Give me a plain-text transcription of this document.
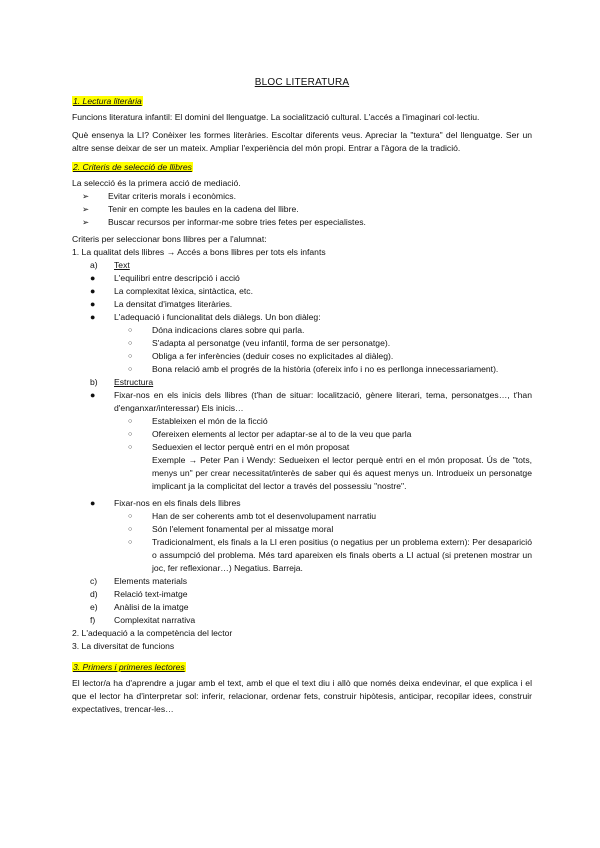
BLOC LITERATURA
1. Lectura literària

Funcions literatura infantil: El domini del llenguatge. La socialització cultural. L'accés a l'imaginari col·lectiu.

Què ensenya la LI? Conèixer les formes literàries. Escoltar diferents veus. Apreciar la "textura" del llenguatge. Ser un altre sense deixar de ser un mateix. Ampliar l'experiència del món propi. Entrar a l'àgora de la tradició.

2. Criteris de selecció de llibres

La selecció és la primera acció de mediació.

➢ Evitar criteris morals i econòmics.
➢ Tenir en compte les baules en la cadena del llibre.
➢ Buscar recursos per informar-me sobre tries fetes per especialistes.

Criteris per seleccionar bons llibres per a l'alumnat:

1. La qualitat dels llibres → Accés a bons llibres per tots els infants

a) Text
● L'equilibri entre descripció i acció
● La complexitat lèxica, sintàctica, etc.
● La densitat d'imatges literàries.
● L'adequació i funcionalitat dels diàlegs. Un bon diàleg:
○ Dóna indicacions clares sobre qui parla.
○ S'adapta al personatge (veu infantil, forma de ser personatge).
○ Obliga a fer inferències (deduir coses no explicitades al diàleg).
○ Bona relació amb el progrés de la història (ofereix info i no es perllonga innecessariament).
b) Estructura
● Fixar-nos en els inicis dels llibres (t'han de situar: localització, gènere literari, tema, personatges…, t'han d'enganxar/interessar) Els inicis…
○ Estableixen el món de la ficció
○ Ofereixen elements al lector per adaptar-se al to de la veu que parla
○ Seduexien el lector perquè entri en el món proposat
Exemple → Peter Pan i Wendy: Sedueixen el lector perquè entri en el món proposat. Ús de "tots, menys un" per crear necessitat/interès de saber qui és aquest menys un. Introdueix un personatge implicant ja la complicitat del lector a través del possessiu "nostre".
● Fixar-nos en els finals dels llibres
○ Han de ser coherents amb tot el desenvolupament narratiu
○ Són l'element fonamental per al missatge moral
○ Tradicionalment, els finals a la LI eren positius (o negatius per un problema extern): Per desaparició o assumpció del problema. Més tard apareixen els finals oberts a LI actual (si pretenen mostrar un joc, fer reflexionar…) Negatius. Barreja.
c) Elements materials
d) Relació text-imatge
e) Anàlisi de la imatge
f) Complexitat narrativa

2. L'adequació a la competència del lector

3. La diversitat de funcions

3. Primers i primeres lectores

El lector/a ha d'aprendre a jugar amb el text, amb el que el text diu i allò que només deixa endevinar, el que explica i el que el lector ha d'interpretar sol: inferir, relacionar, ordenar fets, construir hipòtesis, anticipar, recopilar idees, construir expectatives, trencar-les…
